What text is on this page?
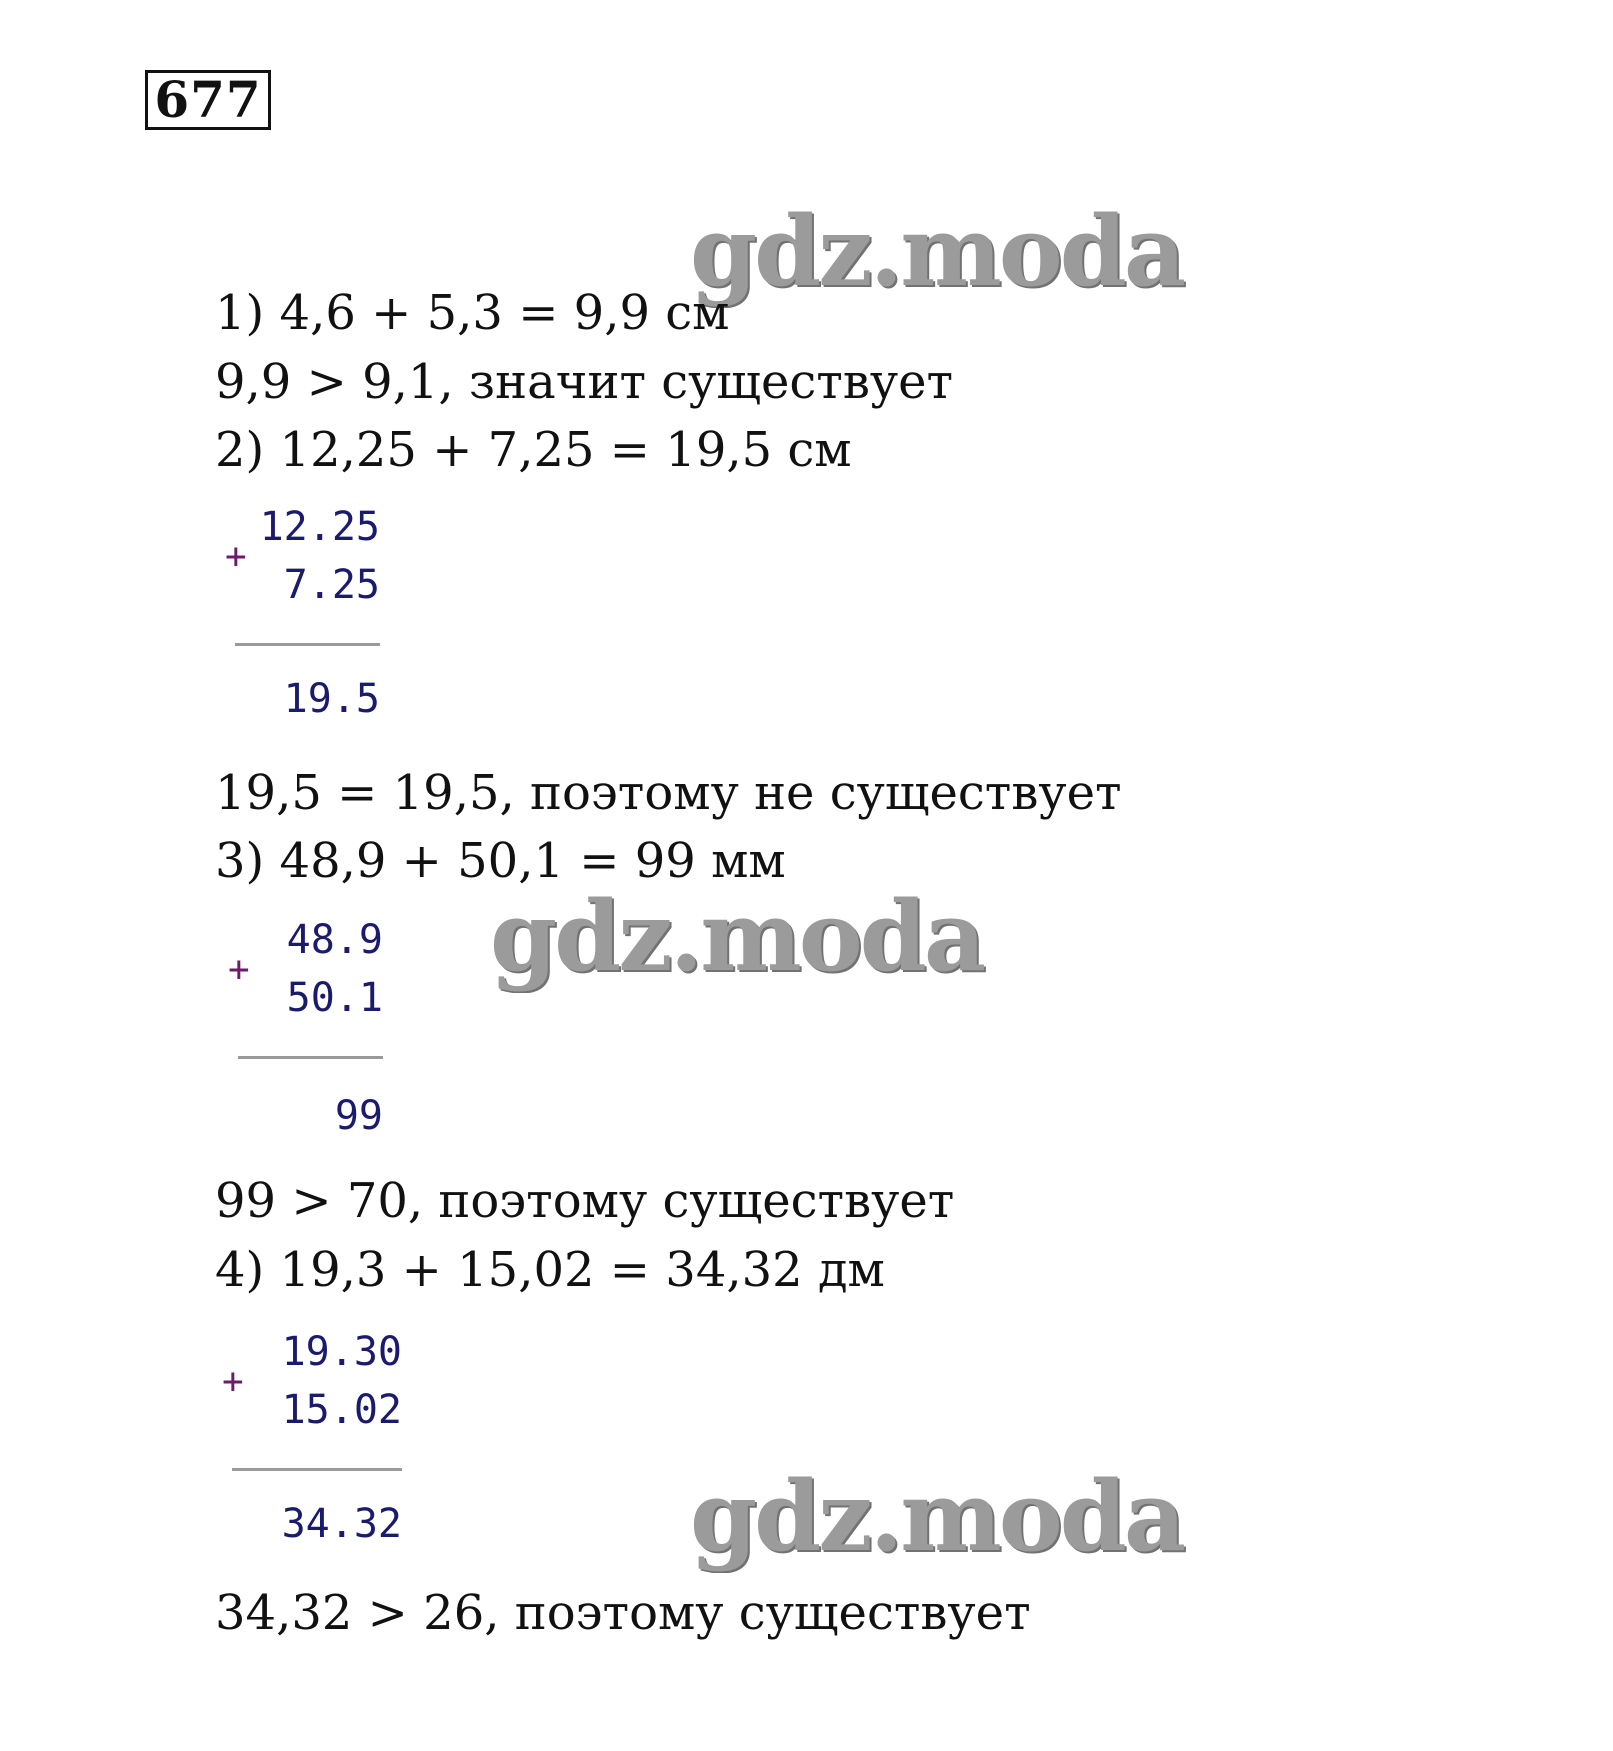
677
gdz.moda
1) 4,6 + 5,3 = 9,9 см
9,9 > 9,1, значит существует
2) 12,25 + 7,25 = 19,5 см
12.25
+
7.25
19.5
19,5 = 19,5, поэтому не существует
3) 48,9 + 50,1 = 99 мм
gdz.moda
48.9
+
50.1
99
99 > 70, поэтому существует
4) 19,3 + 15,02 = 34,32 дм
19.30
+
15.02
34.32	gdz.moda
34,32 > 26, поэтому существует
